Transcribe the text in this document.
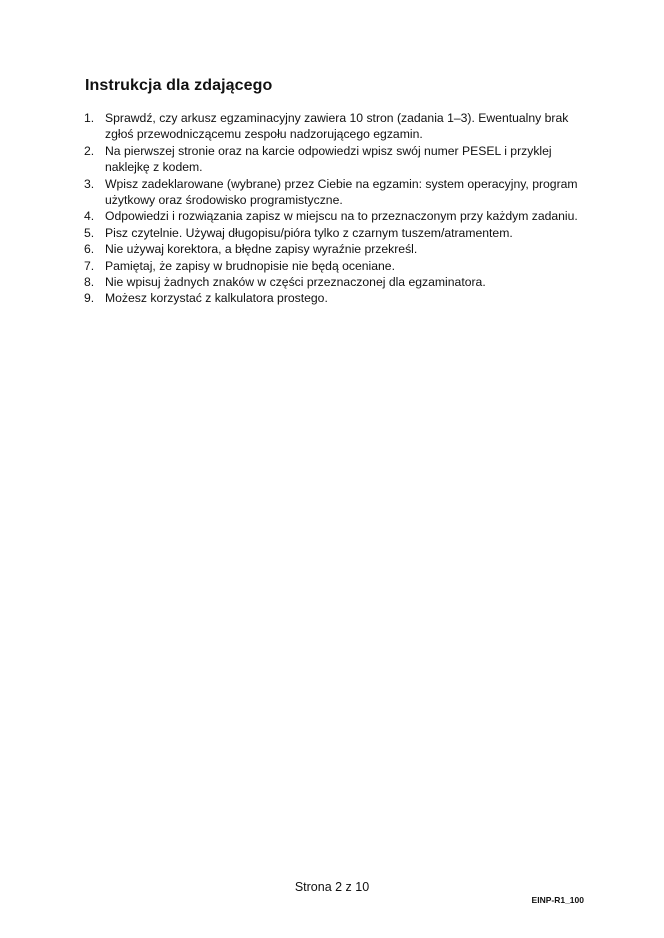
Instrukcja dla zdającego
1. Sprawdź, czy arkusz egzaminacyjny zawiera 10 stron (zadania 1–3). Ewentualny brak zgłoś przewodniczącemu zespołu nadzorującego egzamin.
2. Na pierwszej stronie oraz na karcie odpowiedzi wpisz swój numer PESEL i przyklej naklejkę z kodem.
3. Wpisz zadeklarowane (wybrane) przez Ciebie na egzamin: system operacyjny, program użytkowy oraz środowisko programistyczne.
4. Odpowiedzi i rozwiązania zapisz w miejscu na to przeznaczonym przy każdym zadaniu.
5. Pisz czytelnie. Używaj długopisu/pióra tylko z czarnym tuszem/atramentem.
6. Nie używaj korektora, a błędne zapisy wyraźnie przekreśl.
7. Pamiętaj, że zapisy w brudnopisie nie będą oceniane.
8. Nie wpisuj żadnych znaków w części przeznaczonej dla egzaminatora.
9. Możesz korzystać z kalkulatora prostego.
Strona 2 z 10
EINP-R1_100
